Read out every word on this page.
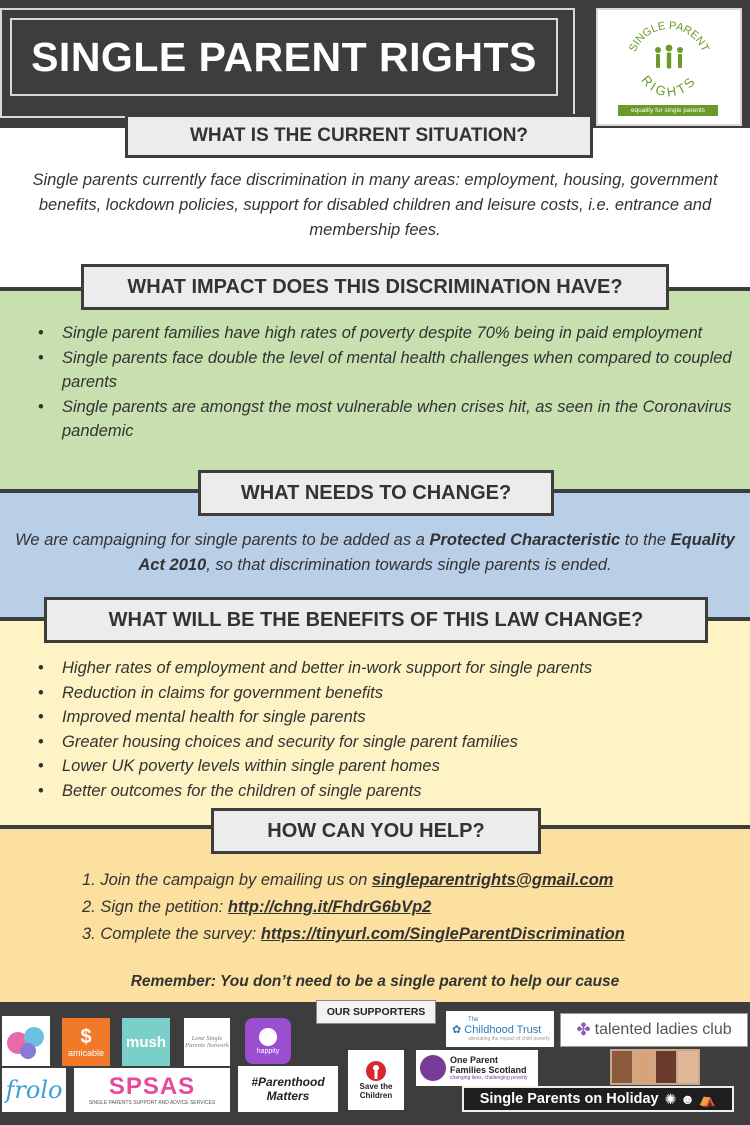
SINGLE PARENT RIGHTS	SINGLE PARENT
RIGHTS
equality for single parents
WHAT IS THE CURRENT SITUATION?
Single parents currently face discrimination in many areas: employment, housing, government benefits, lockdown policies, support for disabled children and leisure costs, i.e. entrance and membership fees.
WHAT IMPACT DOES THIS DISCRIMINATION HAVE?
• Single parent families have high rates of poverty despite 70% being in paid employment
• Single parents face double the level of mental health challenges when compared to coupled parents
• Single parents are amongst the most vulnerable when crises hit, as seen in the Coronavirus pandemic
WHAT NEEDS TO CHANGE?
We are campaigning for single parents to be added as a Protected Characteristic to the Equality Act 2010, so that discrimination towards single parents is ended.
WHAT WILL BE THE BENEFITS OF THIS LAW CHANGE?
• Higher rates of employment and better in-work support for single parents
• Reduction in claims for government benefits
• Improved mental health for single parents
• Greater housing choices and security for single parent families
• Lower UK poverty levels within single parent homes
• Better outcomes for the children of single parents
HOW CAN YOU HELP?
1. Join the campaign by emailing us on singleparentrights@gmail.com
2. Sign the petition: http://chng.it/FhdrG6bVp2
3. Complete the survey: https://tinyurl.com/SingleParentDiscrimination
Remember: You don’t need to be a single parent to help our cause
OUR SUPPORTERS
$
amicable
mush	Lone Single Parents Network
happity
The
✿ Childhood Trust
alleviating the impact of child poverty ✤ talented ladies club
frolo SPSAS
SINGLE PARENTS SUPPORT AND ADVICE SERVICES
#Parenthood Matters
Save the Children
One Parent
Families Scotland
changing lives, challenging poverty
Single Parents on Holiday ✺ ☻ ⛺
